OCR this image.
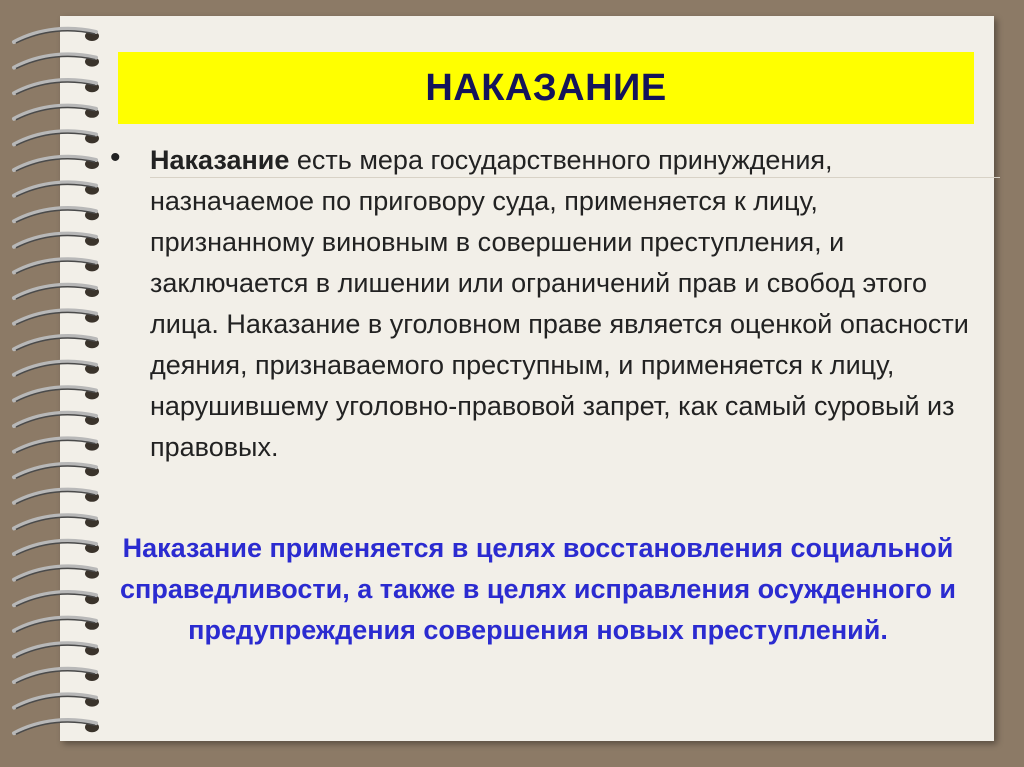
НАКАЗАНИЕ
• Наказание есть мера государственного принуждения, назначаемое по приговору суда, применяется к лицу, признанному виновным в совершении преступления, и заключается в лишении или ограничений прав и свобод этого лица. Наказание в уголовном праве является оценкой опасности деяния, признаваемого преступным, и применяется к лицу, нарушившему уголовно-правовой запрет, как самый суровый из правовых.
Наказание применяется в целях восстановления социальной справедливости, а также в целях исправления осужденного и предупреждения совершения новых преступлений.
